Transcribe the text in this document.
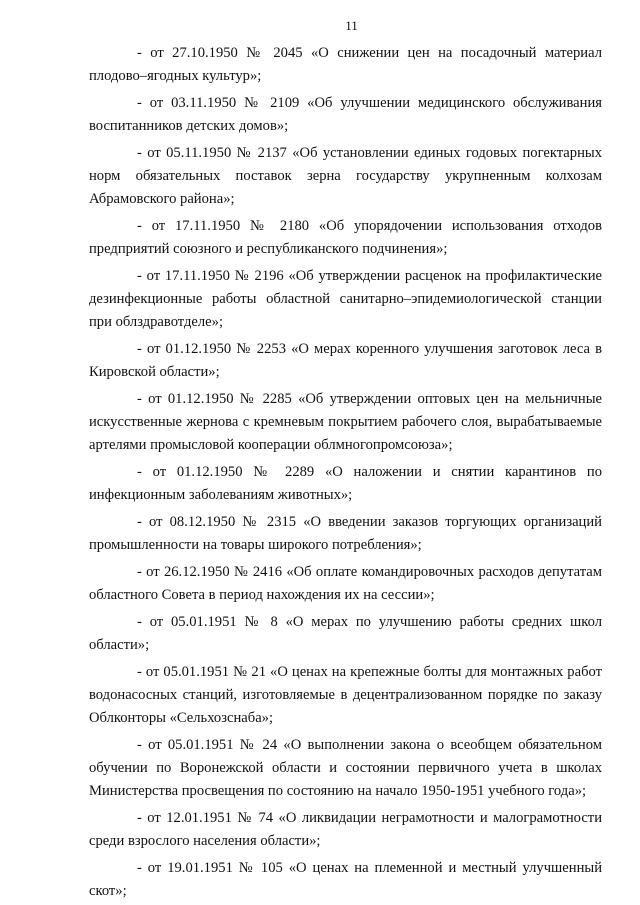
11

- от 27.10.1950 № 2045 «О снижении цен на посадочный материал плодово–ягодных культур»;

- от 03.11.1950 № 2109 «Об улучшении медицинского обслуживания воспитанников детских домов»;

- от 05.11.1950 № 2137 «Об установлении единых годовых погектарных норм обязательных поставок зерна государству укрупненным колхозам Абрамовского района»;

- от 17.11.1950 № 2180 «Об упорядочении использования отходов предприятий союзного и республиканского подчинения»;

- от 17.11.1950 № 2196 «Об утверждении расценок на профилактические дезинфекционные работы областной санитарно–эпидемиологической станции при облздравотделе»;

- от 01.12.1950 № 2253 «О мерах коренного улучшения заготовок леса в Кировской области»;

- от 01.12.1950 № 2285 «Об утверждении оптовых цен на мельничные искусственные жернова с кремневым покрытием рабочего слоя, вырабатываемые артелями промысловой кооперации облмногопромсоюза»;

- от 01.12.1950 № 2289 «О наложении и снятии карантинов по инфекционным заболеваниям животных»;

- от 08.12.1950 № 2315 «О введении заказов торгующих организаций промышленности на товары широкого потребления»;

- от 26.12.1950 № 2416 «Об оплате командировочных расходов депутатам областного Совета в период нахождения их на сессии»;

- от 05.01.1951 № 8 «О мерах по улучшению работы средних школ области»;

- от 05.01.1951 № 21 «О ценах на крепежные болты для монтажных работ водонасосных станций, изготовляемые в децентрализованном порядке по заказу Облконторы «Сельхозснаба»;

- от 05.01.1951 № 24 «О выполнении закона о всеобщем обязательном обучении по Воронежской области и состоянии первичного учета в школах Министерства просвещения по состоянию на начало 1950-1951 учебного года»;

- от 12.01.1951 № 74 «О ликвидации неграмотности и малограмотности среди взрослого населения области»;

- от 19.01.1951 № 105 «О ценах на племенной и местный улучшенный скот»;
